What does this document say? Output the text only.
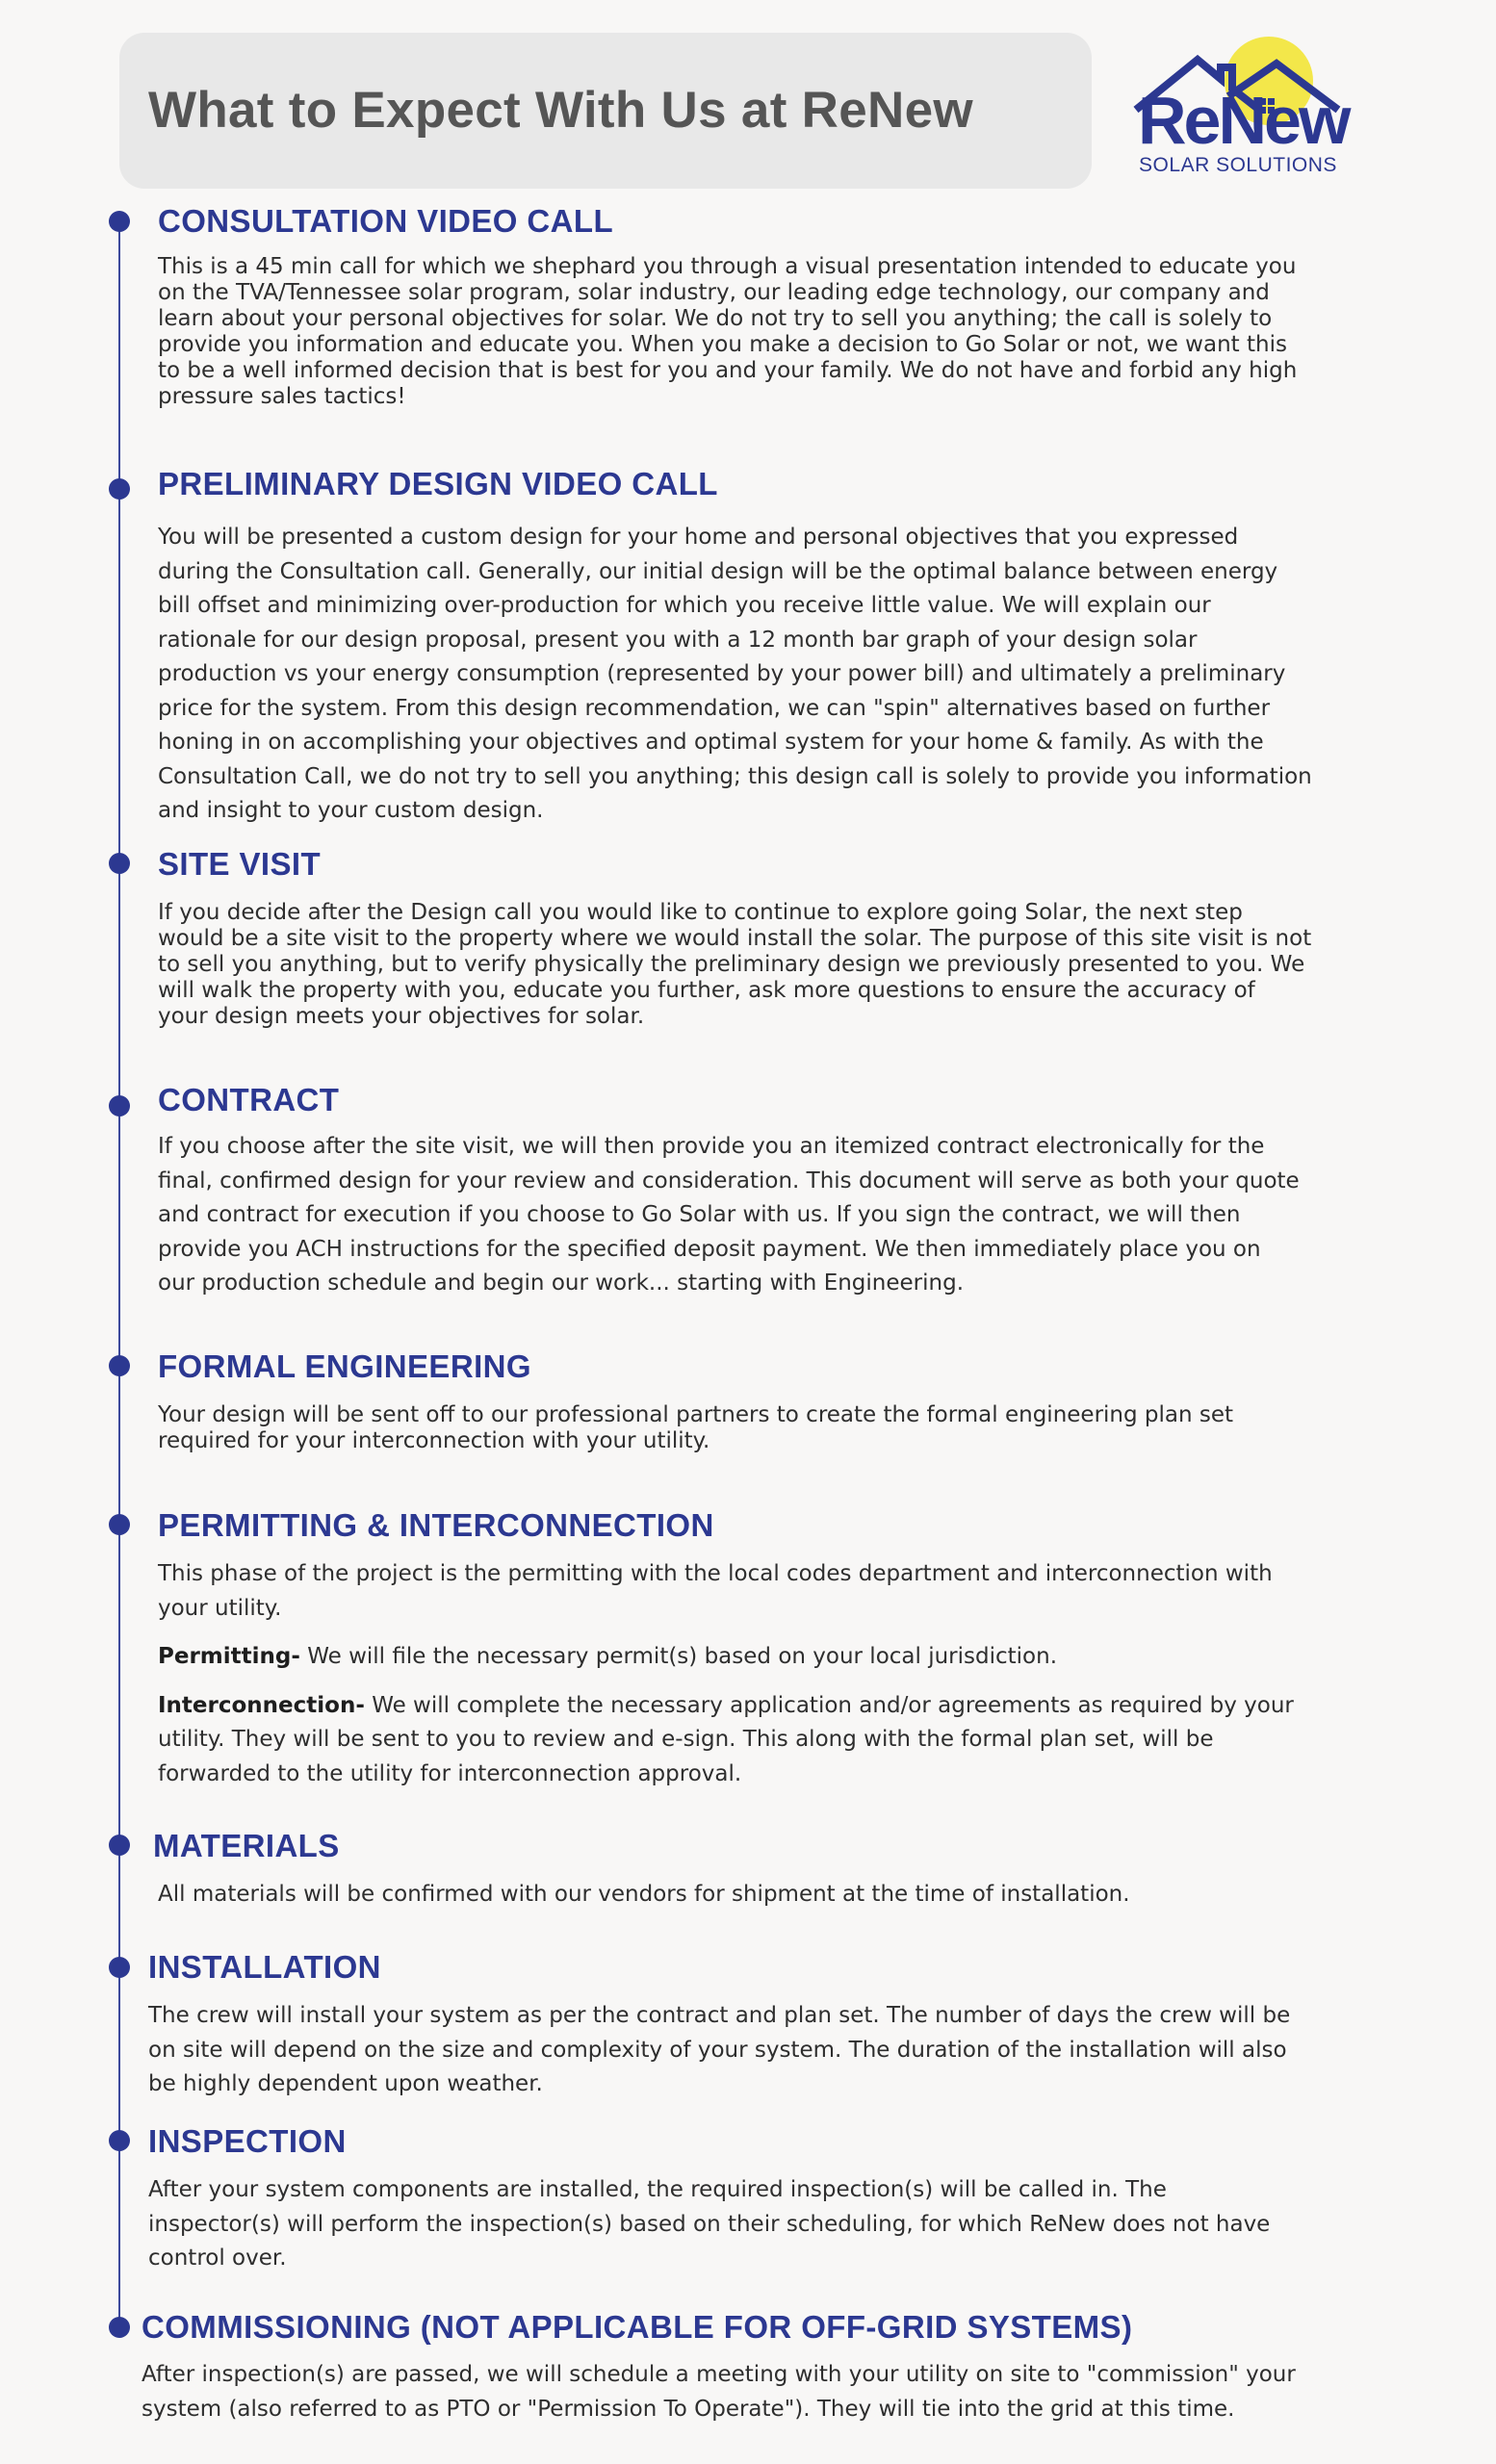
What to Expect With Us at ReNew ReNew
SOLAR SOLUTIONS
CONSULTATION VIDEO CALL

This is a 45 min call for which we shephard you through a visual presentation intended to educate you

on the TVA/Tennessee solar program, solar industry, our leading edge technology, our company and

learn about your personal objectives for solar. We do not try to sell you anything; the call is solely to

provide you information and educate you. When you make a decision to Go Solar or not, we want this

to be a well informed decision that is best for you and your family. We do not have and forbid any high

pressure sales tactics!

PRELIMINARY DESIGN VIDEO CALL

You will be presented a custom design for your home and personal objectives that you expressed

during the Consultation call. Generally, our initial design will be the optimal balance between energy

bill offset and minimizing over-production for which you receive little value. We will explain our

rationale for our design proposal, present you with a 12 month bar graph of your design solar

production vs your energy consumption (represented by your power bill) and ultimately a preliminary

price for the system. From this design recommendation, we can "spin" alternatives based on further

honing in on accomplishing your objectives and optimal system for your home & family. As with the

Consultation Call, we do not try to sell you anything; this design call is solely to provide you information

and insight to your custom design.

SITE VISIT

If you decide after the Design call you would like to continue to explore going Solar, the next step

would be a site visit to the property where we would install the solar. The purpose of this site visit is not

to sell you anything, but to verify physically the preliminary design we previously presented to you. We

will walk the property with you, educate you further, ask more questions to ensure the accuracy of

your design meets your objectives for solar.

CONTRACT

If you choose after the site visit, we will then provide you an itemized contract electronically for the

final, confirmed design for your review and consideration. This document will serve as both your quote

and contract for execution if you choose to Go Solar with us. If you sign the contract, we will then

provide you ACH instructions for the specified deposit payment. We then immediately place you on

our production schedule and begin our work... starting with Engineering.

FORMAL ENGINEERING

Your design will be sent off to our professional partners to create the formal engineering plan set

required for your interconnection with your utility.

PERMITTING & INTERCONNECTION

This phase of the project is the permitting with the local codes department and interconnection with

your utility.

Permitting- We will file the necessary permit(s) based on your local jurisdiction.

Interconnection- We will complete the necessary application and/or agreements as required by your

utility. They will be sent to you to review and e-sign. This along with the formal plan set, will be

forwarded to the utility for interconnection approval.

MATERIALS

All materials will be confirmed with our vendors for shipment at the time of installation.

INSTALLATION

The crew will install your system as per the contract and plan set. The number of days the crew will be

on site will depend on the size and complexity of your system. The duration of the installation will also

be highly dependent upon weather.

INSPECTION

After your system components are installed, the required inspection(s) will be called in. The

inspector(s) will perform the inspection(s) based on their scheduling, for which ReNew does not have

control over.

COMMISSIONING (NOT APPLICABLE FOR OFF-GRID SYSTEMS)

After inspection(s) are passed, we will schedule a meeting with your utility on site to "commission" your

system (also referred to as PTO or "Permission To Operate"). They will tie into the grid at this time.
